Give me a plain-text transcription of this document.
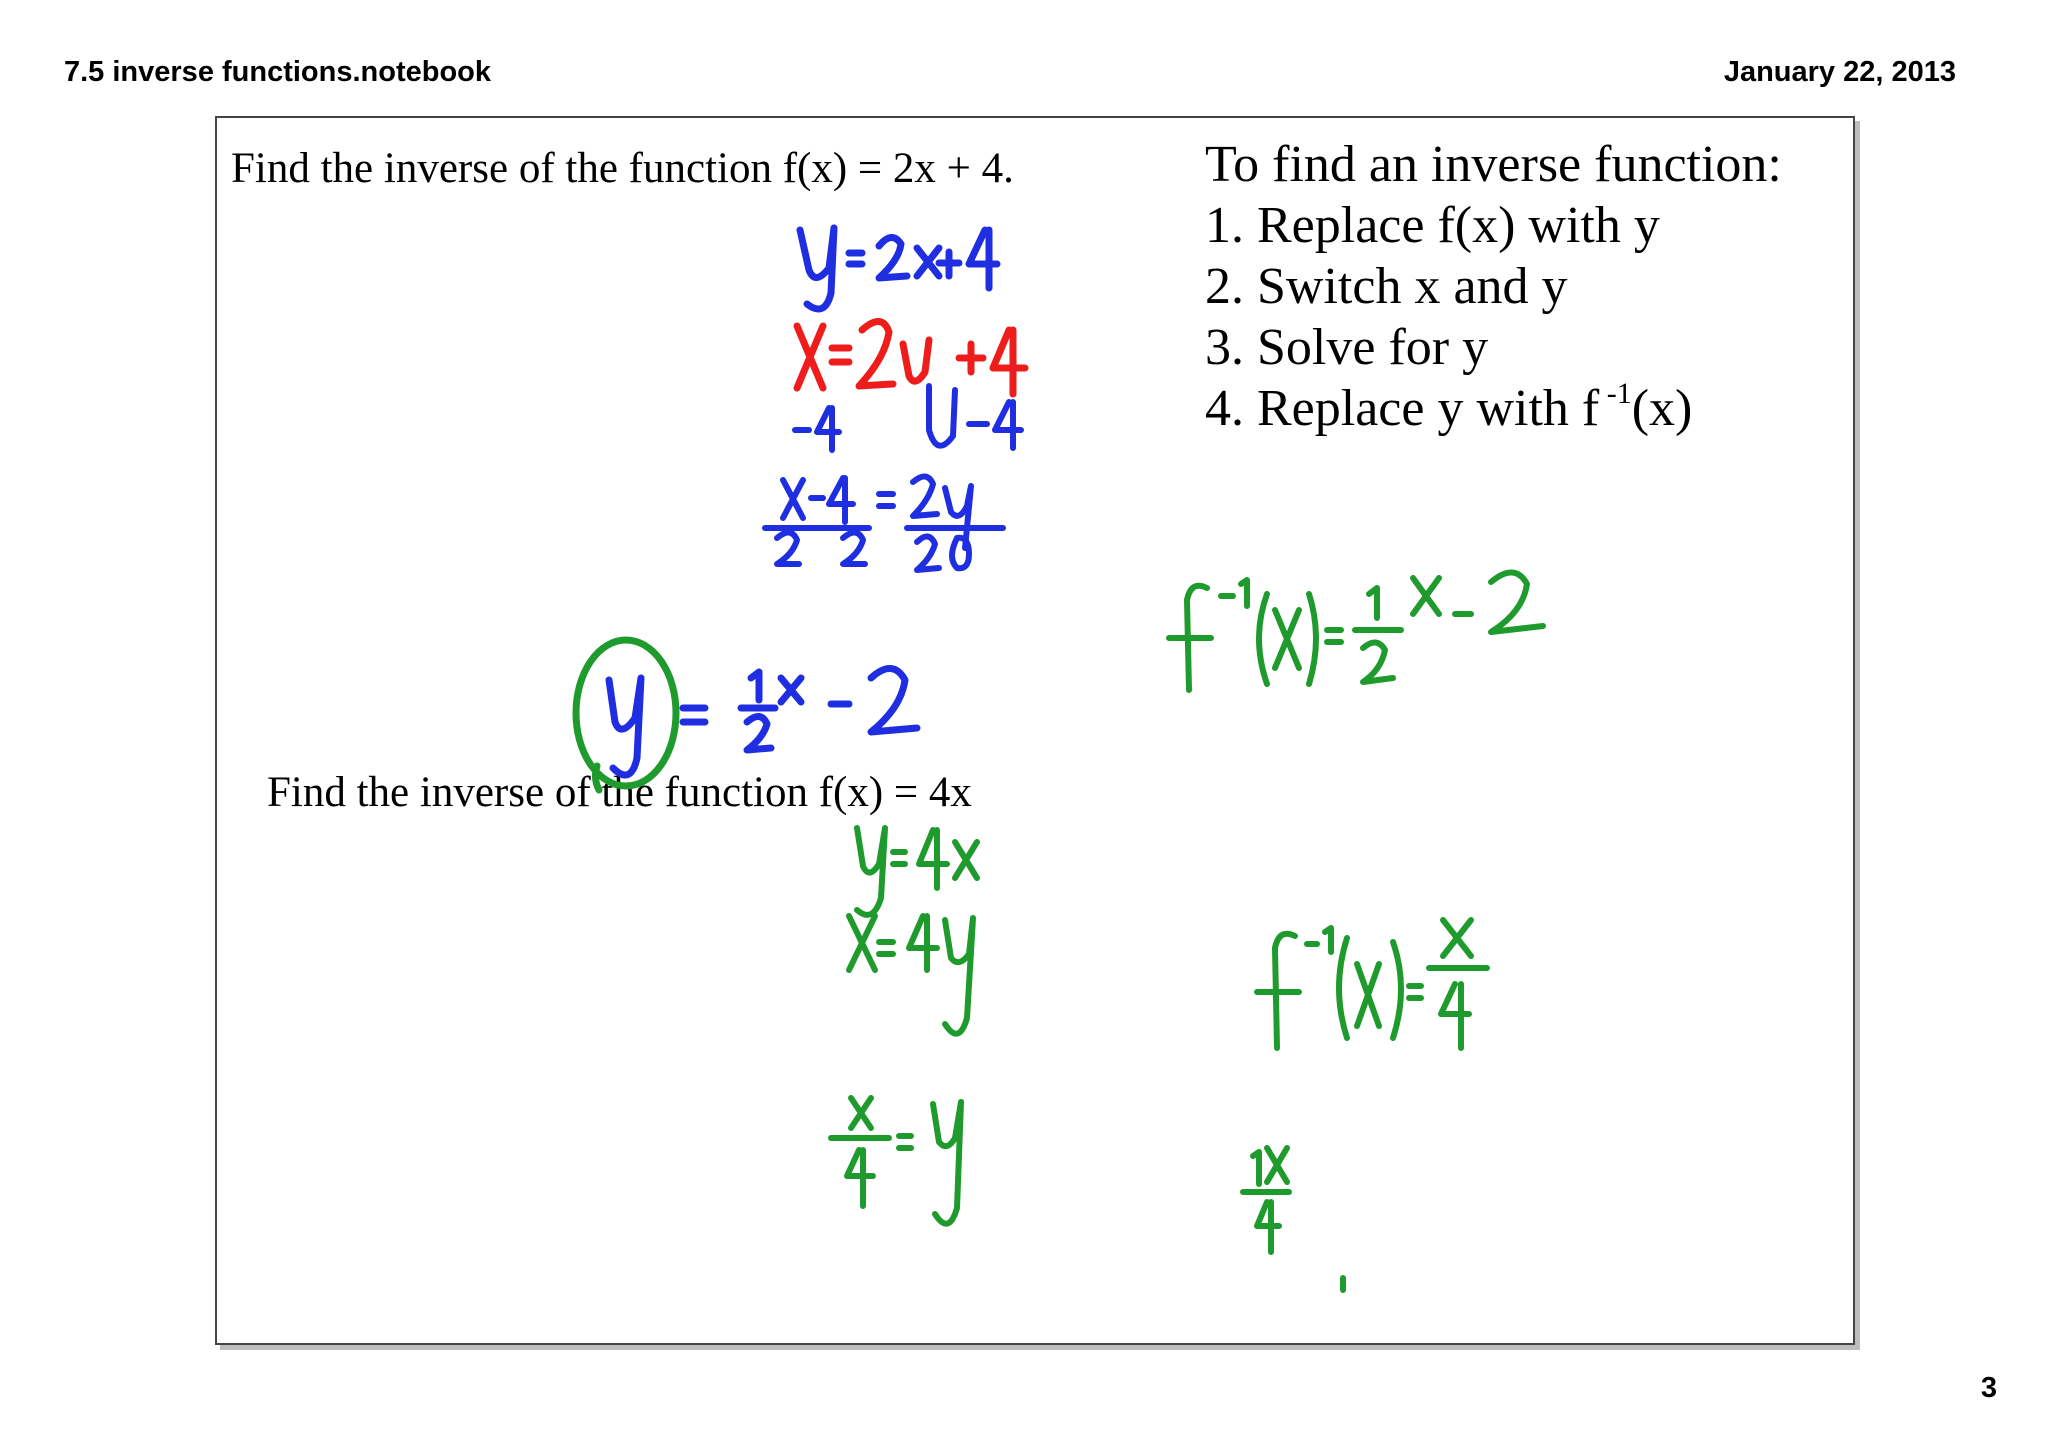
7.5 inverse functions.notebook	January 22, 2013
Find the inverse of the function f(x) = 2x + 4.	To find an inverse function:
1. Replace f(x) with y
2. Switch x and y
3. Solve for y
4. Replace y with f $^{-1}$(x)
Find the inverse of the function f(x) = 4x
3
